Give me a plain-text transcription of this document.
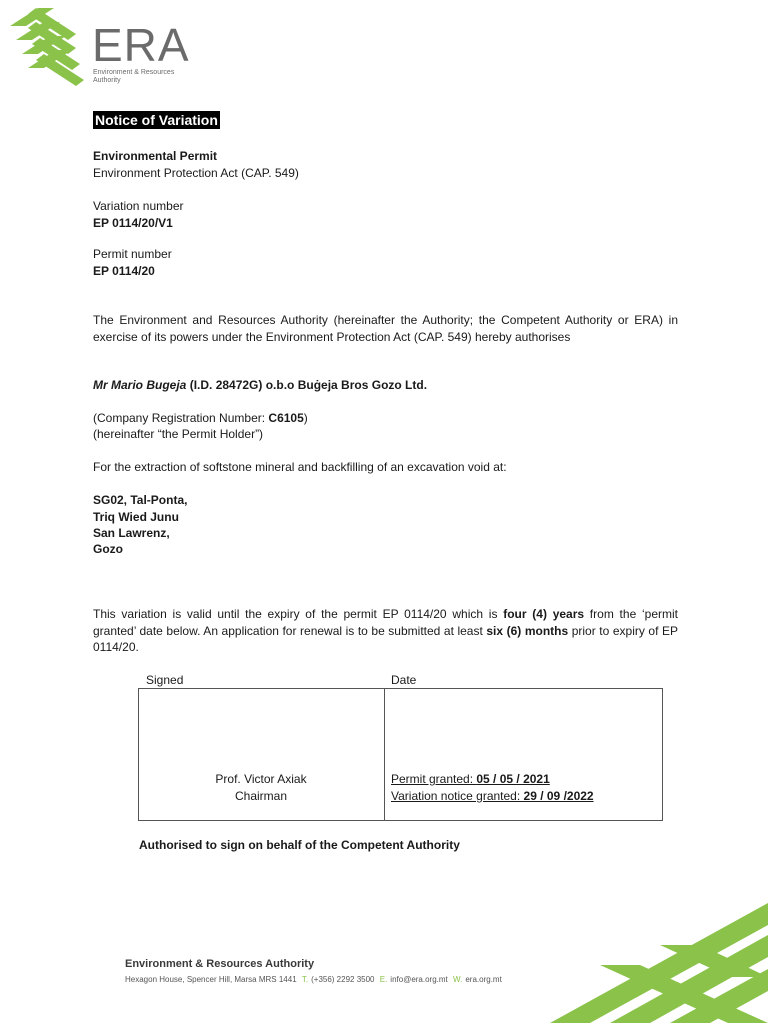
ERA
Environment & Resources Authority
Notice of Variation
Environmental Permit
Environment Protection Act (CAP. 549)
Variation number
EP 0114/20/V1
Permit number
EP 0114/20
The Environment and Resources Authority (hereinafter the Authority; the Competent Authority or ERA) in exercise of its powers under the Environment Protection Act (CAP. 549) hereby authorises
Mr Mario Bugeja (I.D. 28472G) o.b.o Buġeja Bros Gozo Ltd.
(Company Registration Number: C6105)
(hereinafter “the Permit Holder”)
For the extraction of softstone mineral and backfilling of an excavation void at:
SG02, Tal-Ponta,
Triq Wied Junu
San Lawrenz,
Gozo
This variation is valid until the expiry of the permit EP 0114/20 which is four (4) years from the ‘permit granted’ date below. An application for renewal is to be submitted at least six (6) months prior to expiry of EP 0114/20.
Signed	Date
Prof. Victor Axiak
Chairman
Permit granted: 05 / 05 / 2021
Variation notice granted: 29 / 09 /2022
Authorised to sign on behalf of the Competent Authority
Environment & Resources Authority
Hexagon House, Spencer Hill, Marsa MRS 1441 T. (+356) 2292 3500 E. info@era.org.mt W. era.org.mt
